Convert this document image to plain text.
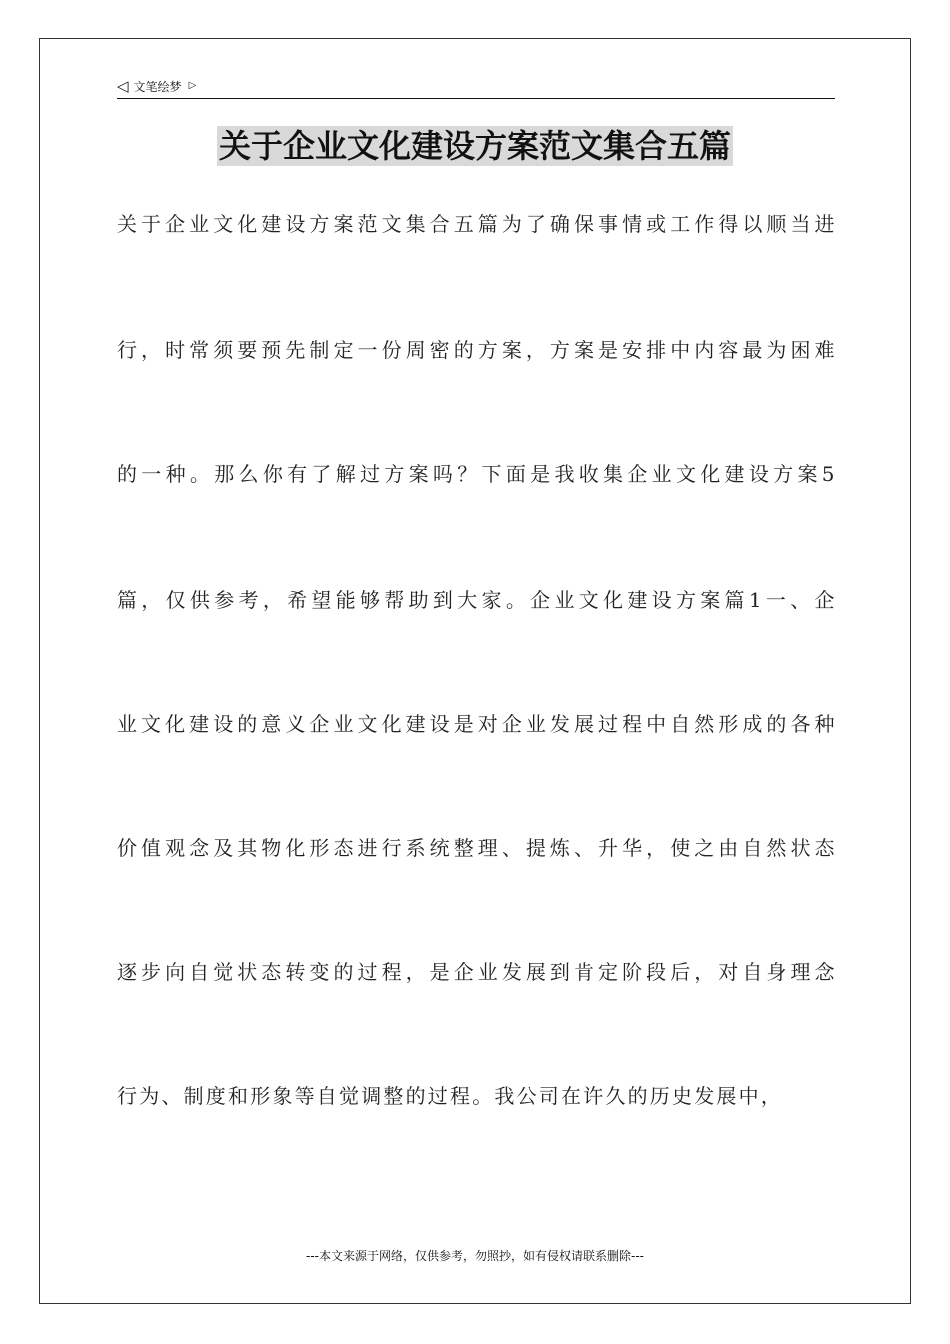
◁ 文笔绘梦 ▷
关于企业文化建设方案范文集合五篇
关于企业文化建设方案范文集合五篇为了确保事情或工作得以顺当进
行，时常须要预先制定一份周密的方案，方案是安排中内容最为困难
的一种。那么你有了解过方案吗？下面是我收集企业文化建设方案5
篇，仅供参考，希望能够帮助到大家。企业文化建设方案篇1一、企
业文化建设的意义企业文化建设是对企业发展过程中自然形成的各种
价值观念及其物化形态进行系统整理、提炼、升华，使之由自然状态
逐步向自觉状态转变的过程，是企业发展到肯定阶段后，对自身理念
行为、制度和形象等自觉调整的过程。我公司在许久的历史发展中，
---本文来源于网络，仅供参考，勿照抄，如有侵权请联系删除---
